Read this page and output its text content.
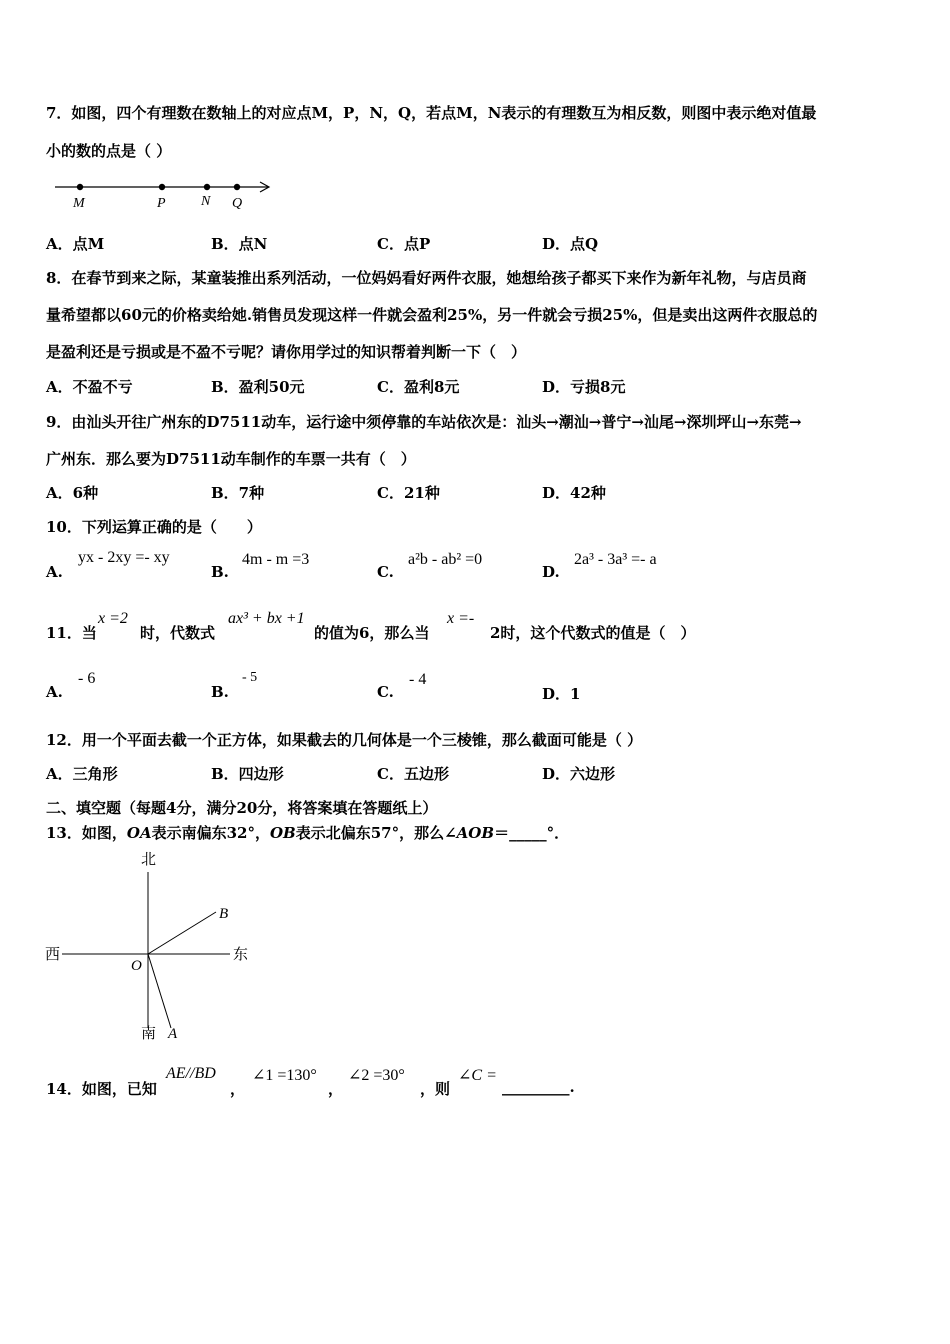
7．如图，四个有理数在数轴上的对应点M，P，N，Q，若点M，N表示的有理数互为相反数，则图中表示绝对值最
小的数的点是（ ）
M	P	N Q
A．点M	B．点N	C．点P	D．点Q
8．在春节到来之际，某童装推出系列活动，一位妈妈看好两件衣服，她想给孩子都买下来作为新年礼物，与店员商
量希望都以60元的价格卖给她.销售员发现这样一件就会盈利25%，另一件就会亏损25%，但是卖出这两件衣服总的
是盈利还是亏损或是不盈不亏呢？请你用学过的知识帮着判断一下（　）
A．不盈不亏	B．盈利50元	C．盈利8元	D．亏损8元
9．由汕头开往广州东的D7511动车，运行途中须停靠的车站依次是：汕头→潮汕→普宁→汕尾→深圳坪山→东莞→
广州东．那么要为D7511动车制作的车票一共有（　）
A．6种	B．7种	C．21种	D．42种
10．下列运算正确的是（　　）
A.
yx - 2xy =- xy
B.
4m - m =3
C.
a²b - ab² =0
D.
2a³ - 3a³ =- a
11．当
x =2
时，代数式
ax³ + bx +1
的值为6，那么当
x =-
2时，这个代数式的值是（　）
A.
- 6
B.
- 5
C.
- 4
D．1
12．用一个平面去截一个正方体，如果截去的几何体是一个三棱锥，那么截面可能是（ ）
A．三角形	B．四边形	C．五边形	D．六边形
二、填空题（每题4分，满分20分，将答案填在答题纸上）
13．如图，OA表示南偏东32°，OB表示北偏东57°，那么∠AOB＝_____°．
北
南
西	东
O
A
B
14．如图，已知
AE//BD
，
∠1 =130°
，
∠2 =30°
，则
∠C =
_________.
